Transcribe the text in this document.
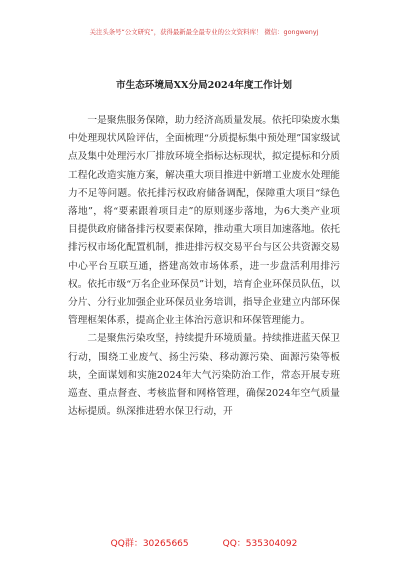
关注头条号“公文研究”，获得最新最全最专业的公文资料库！ 微信：gongwenyj
市生态环境局XX分局2024年度工作计划

一是聚焦服务保障，助力经济高质量发展。依托印染废水集中处理现状风险评估，全面梳理“分质提标集中预处理”国家级试点及集中处理污水厂排放环境全指标达标现状，拟定提标和分质工程化改造实施方案，解决重大项目推进中新增工业废水处理能力不足等问题。依托排污权政府储备调配，保障重大项目“绿色落地”，将“要素跟着项目走”的原则逐步落地，为6大类产业项目提供政府储备排污权要素保障，推动重大项目加速落地。依托排污权市场化配置机制，推进排污权交易平台与区公共资源交易中心平台互联互通，搭建高效市场体系，进一步盘活利用排污权。依托市级“万名企业环保员”计划，培育企业环保员队伍，以分片、分行业加强企业环保员业务培训，指导企业建立内部环保管理框架体系，提高企业主体治污意识和环保管理能力。

二是聚焦污染攻坚，持续提升环境质量。持续推进蓝天保卫行动，围绕工业废气、扬尘污染、移动源污染、面源污染等板块，全面谋划和实施2024年大气污染防治工作，常态开展专班巡查、重点督查、考核监督和网格管理，确保2024年空气质量达标提质。纵深推进碧水保卫行动，开

QQ群：30265665	QQ：535304092
